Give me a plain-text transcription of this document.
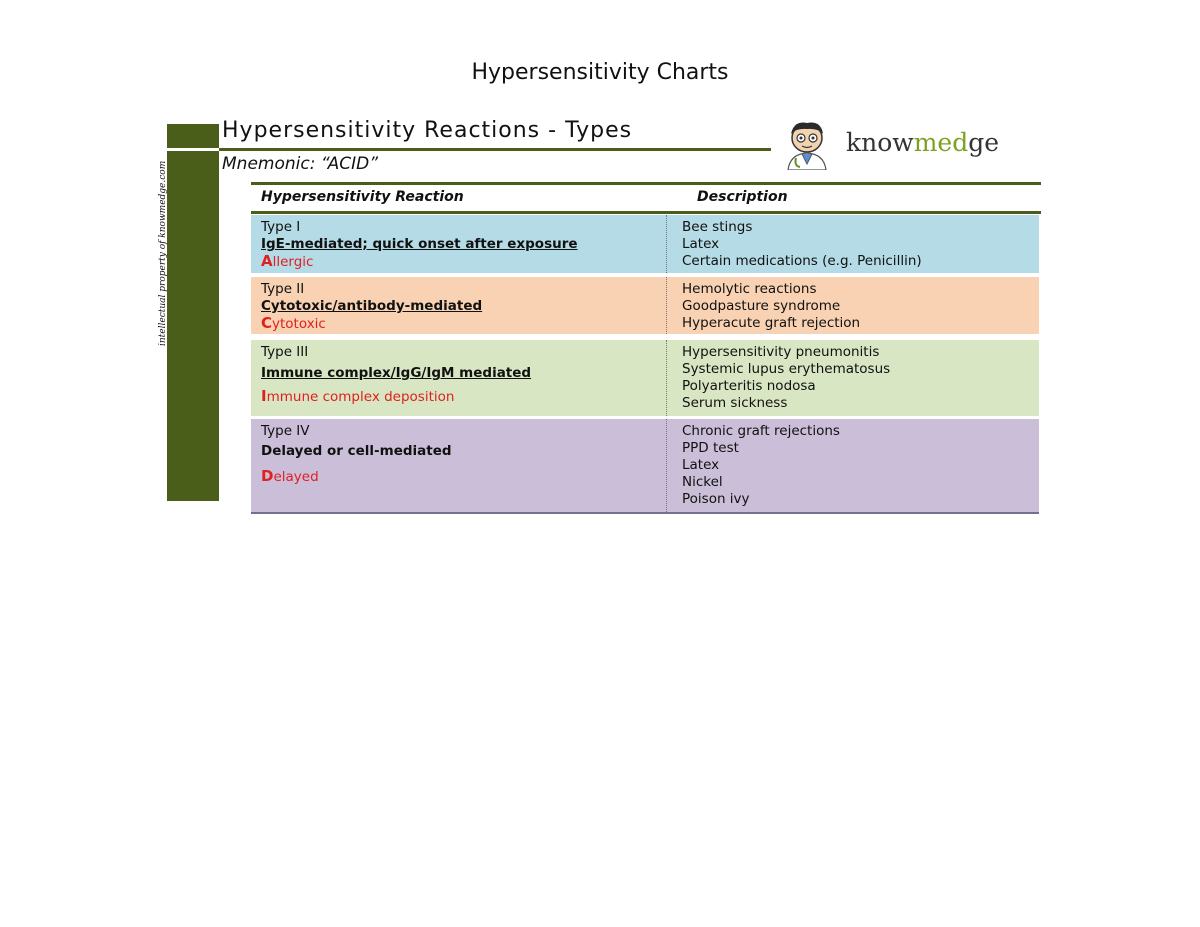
Hypersensitivity Charts
intellectual property of knowmedge.com
Hypersensitivity Reactions - Types
Mnemonic: “ACID”
knowmedge
Hypersensitivity Reaction	Description
Type I
IgE-mediated; quick onset after exposure
Allergic
Bee stings
Latex
Certain medications (e.g. Penicillin)
Type II
Cytotoxic/antibody-mediated
Cytotoxic
Hemolytic reactions
Goodpasture syndrome
Hyperacute graft rejection
Type III
Immune complex/IgG/IgM mediated
Immune complex deposition
Hypersensitivity pneumonitis
Systemic lupus erythematosus
Polyarteritis nodosa
Serum sickness
Type IV
Delayed or cell-mediated
Delayed
Chronic graft rejections
PPD test
Latex
Nickel
Poison ivy
